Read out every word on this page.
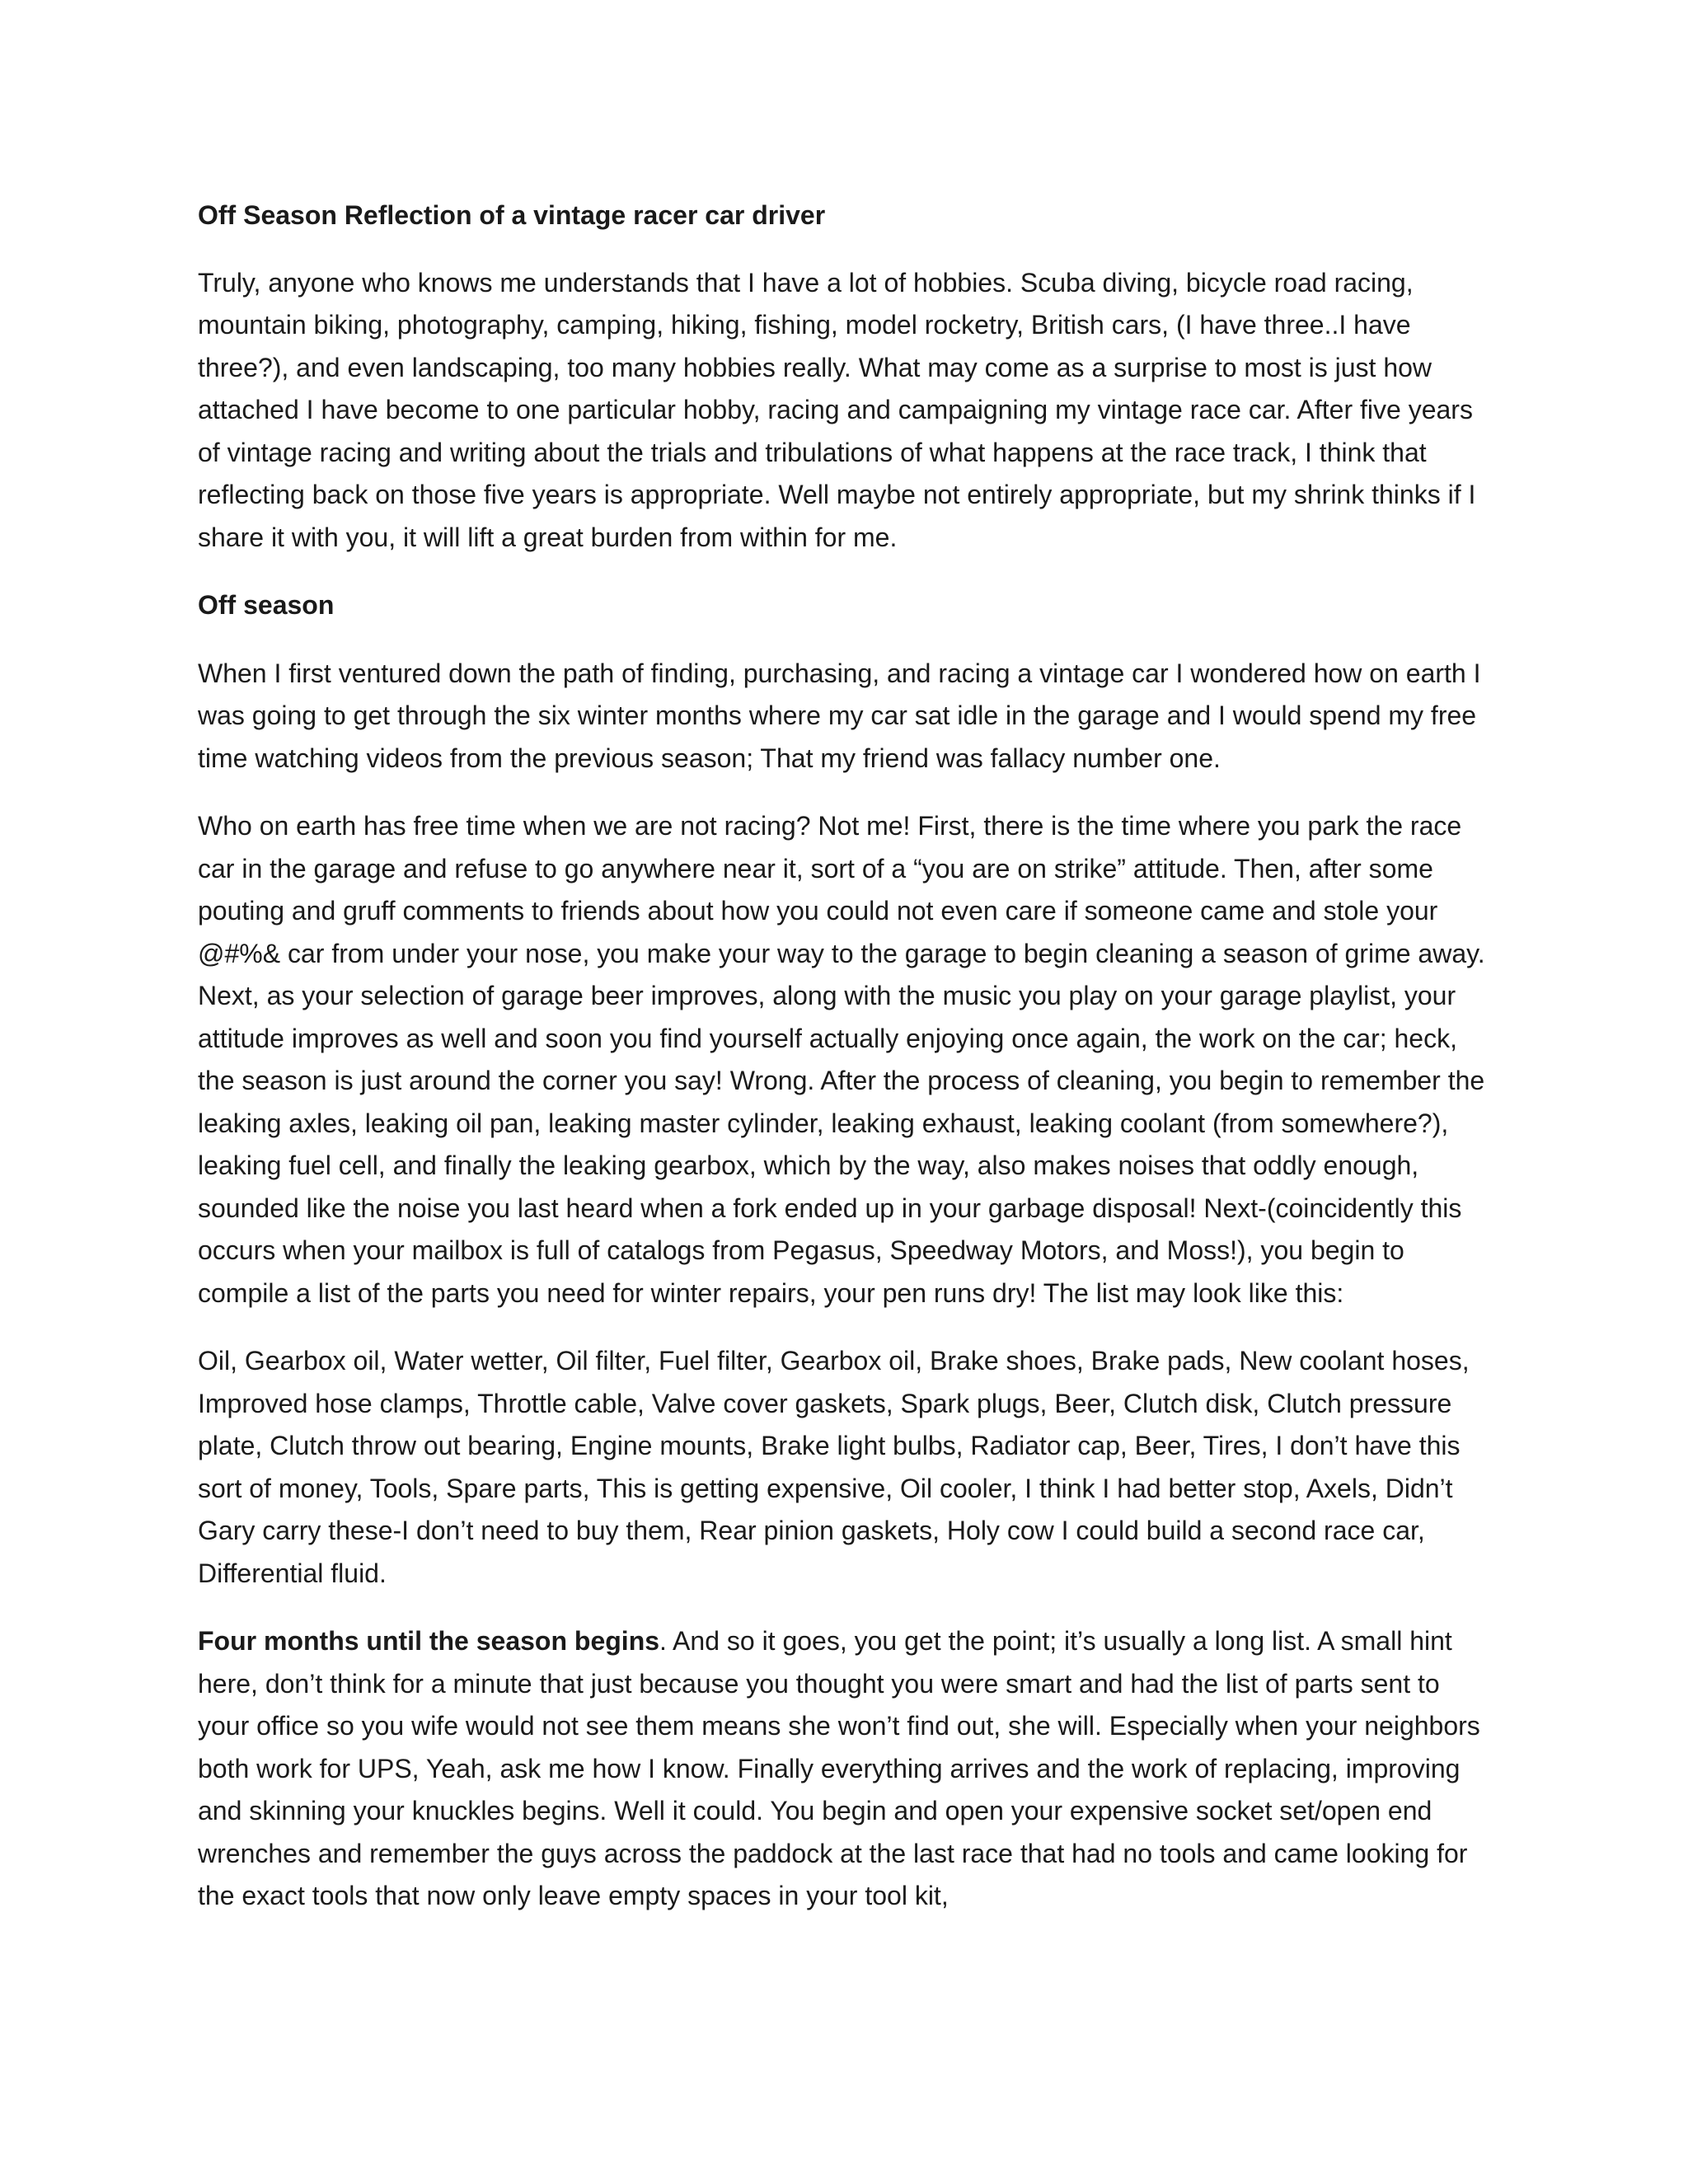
Off Season Reflection of a vintage racer car driver

Truly, anyone who knows me understands that I have a lot of hobbies. Scuba diving, bicycle road racing, mountain biking, photography, camping, hiking, fishing, model rocketry, British cars, (I have three..I have three?), and even landscaping, too many hobbies really. What may come as a surprise to most is just how attached I have become to one particular hobby, racing and campaigning my vintage race car. After five years of vintage racing and writing about the trials and tribulations of what happens at the race track, I think that reflecting back on those five years is appropriate. Well maybe not entirely appropriate, but my shrink thinks if I share it with you, it will lift a great burden from within for me.

Off season

When I first ventured down the path of finding, purchasing, and racing a vintage car I wondered how on earth I was going to get through the six winter months where my car sat idle in the garage and I would spend my free time watching videos from the previous season; That my friend was fallacy number one.

Who on earth has free time when we are not racing? Not me! First, there is the time where you park the race car in the garage and refuse to go anywhere near it, sort of a “you are on strike” attitude. Then, after some pouting and gruff comments to friends about how you could not even care if someone came and stole your @#%& car from under your nose, you make your way to the garage to begin cleaning a season of grime away. Next, as your selection of garage beer improves, along with the music you play on your garage playlist, your attitude improves as well and soon you find yourself actually enjoying once again, the work on the car; heck, the season is just around the corner you say! Wrong. After the process of cleaning, you begin to remember the leaking axles, leaking oil pan, leaking master cylinder, leaking exhaust, leaking coolant (from somewhere?), leaking fuel cell, and finally the leaking gearbox, which by the way, also makes noises that oddly enough, sounded like the noise you last heard when a fork ended up in your garbage disposal! Next-(coincidently this occurs when your mailbox is full of catalogs from Pegasus, Speedway Motors, and Moss!), you begin to compile a list of the parts you need for winter repairs, your pen runs dry! The list may look like this:

Oil, Gearbox oil, Water wetter, Oil filter, Fuel filter, Gearbox oil, Brake shoes, Brake pads, New coolant hoses, Improved hose clamps, Throttle cable, Valve cover gaskets, Spark plugs, Beer, Clutch disk, Clutch pressure plate, Clutch throw out bearing, Engine mounts, Brake light bulbs, Radiator cap, Beer, Tires, I don’t have this sort of money, Tools, Spare parts, This is getting expensive, Oil cooler, I think I had better stop, Axels, Didn’t Gary carry these-I don’t need to buy them, Rear pinion gaskets, Holy cow I could build a second race car, Differential fluid.

Four months until the season begins. And so it goes, you get the point; it’s usually a long list. A small hint here, don’t think for a minute that just because you thought you were smart and had the list of parts sent to your office so you wife would not see them means she won’t find out, she will. Especially when your neighbors both work for UPS, Yeah, ask me how I know. Finally everything arrives and the work of replacing, improving and skinning your knuckles begins. Well it could. You begin and open your expensive socket set/open end wrenches and remember the guys across the paddock at the last race that had no tools and came looking for the exact tools that now only leave empty spaces in your tool kit,
